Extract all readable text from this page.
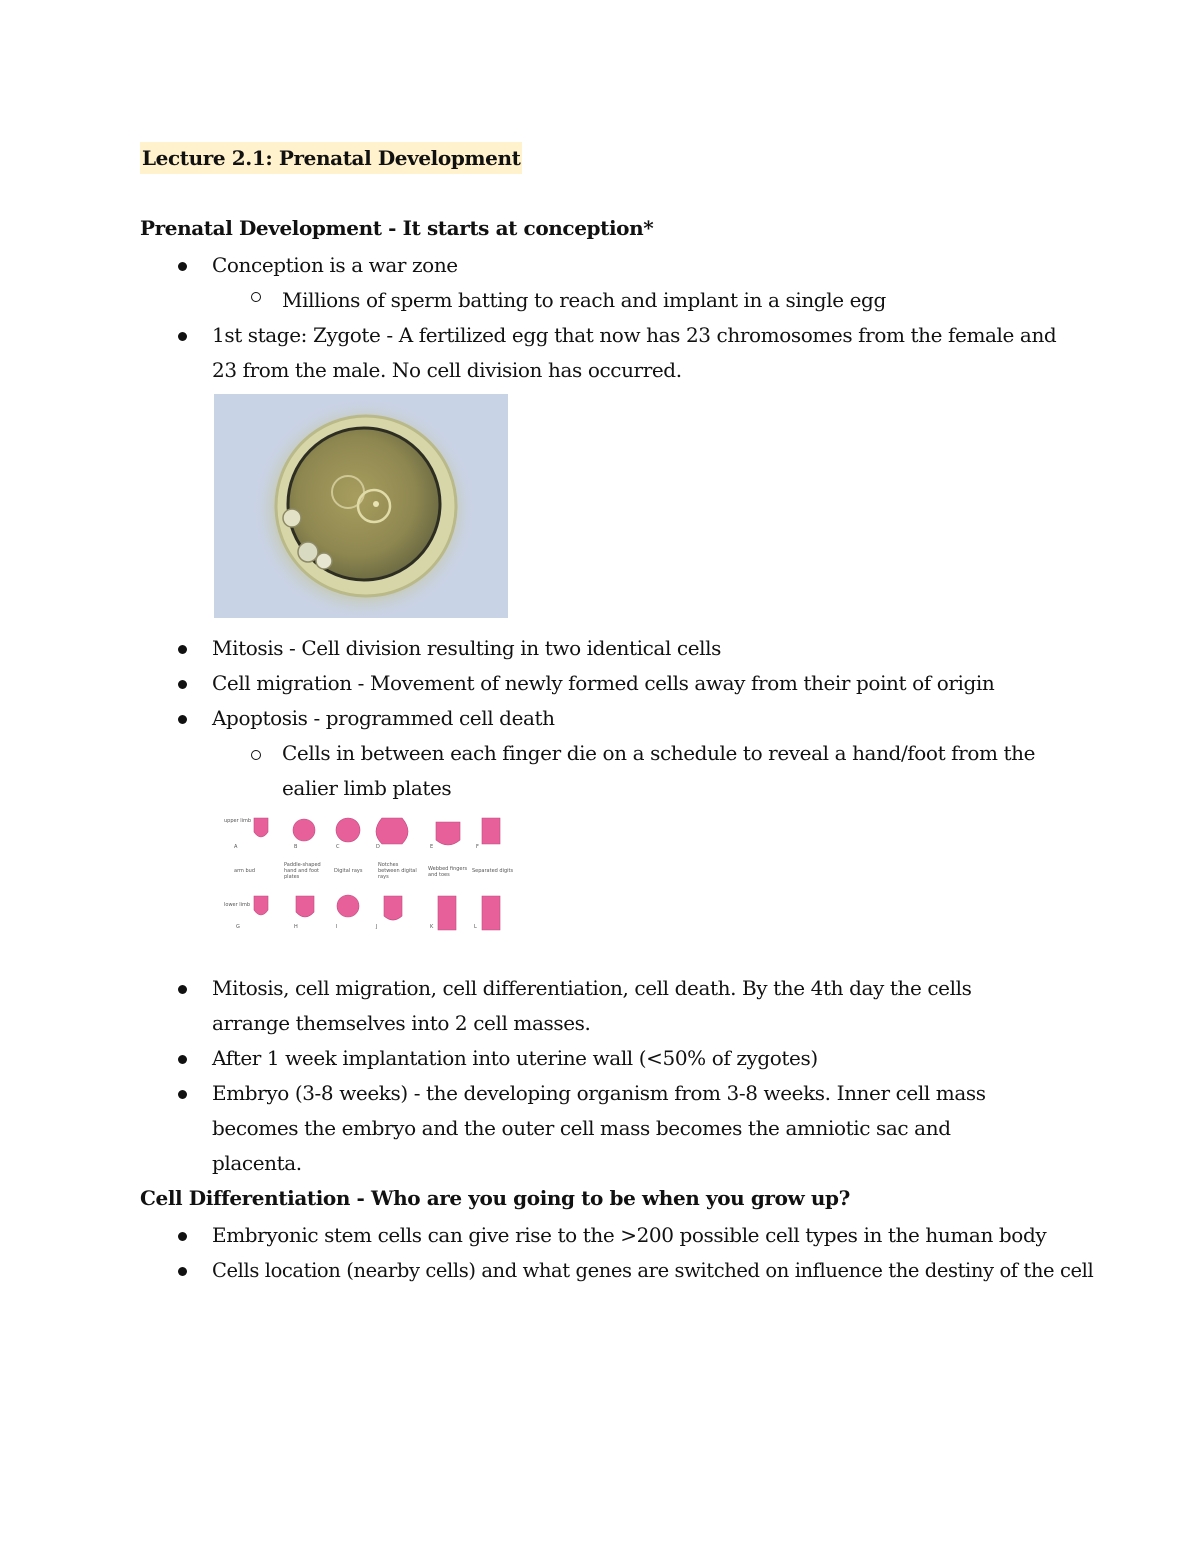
Lecture 2.1: Prenatal Development
Prenatal Development - It starts at conception*

Conception is a war zone

Millions of sperm batting to reach and implant in a single egg

1st stage: Zygote - A fertilized egg that now has 23 chromosomes from the female and 23 from the male. No cell division has occurred.

Mitosis - Cell division resulting in two identical cells

Cell migration - Movement of newly formed cells away from their point of origin

Apoptosis - programmed cell death

Cells in between each finger die on a schedule to reveal a hand/foot from the ealier limb plates

upper limb
lower limb
A	B	C	D	E	F
arm bud
Paddle-shaped hand and foot plates
Digital rays
Notches between digital rays
Webbed fingers and toes
Separated digits
G	H	I	J	K	L

Mitosis, cell migration, cell differentiation, cell death. By the 4th day the cells arrange themselves into 2 cell masses.

After 1 week implantation into uterine wall (<50% of zygotes)

Embryo (3-8 weeks) - the developing organism from 3-8 weeks. Inner cell mass becomes the embryo and the outer cell mass becomes the amniotic sac and placenta.

Cell Differentiation - Who are you going to be when you grow up?

Embryonic stem cells can give rise to the >200 possible cell types in the human body

Cells location (nearby cells) and what genes are switched on influence the destiny of the cell
